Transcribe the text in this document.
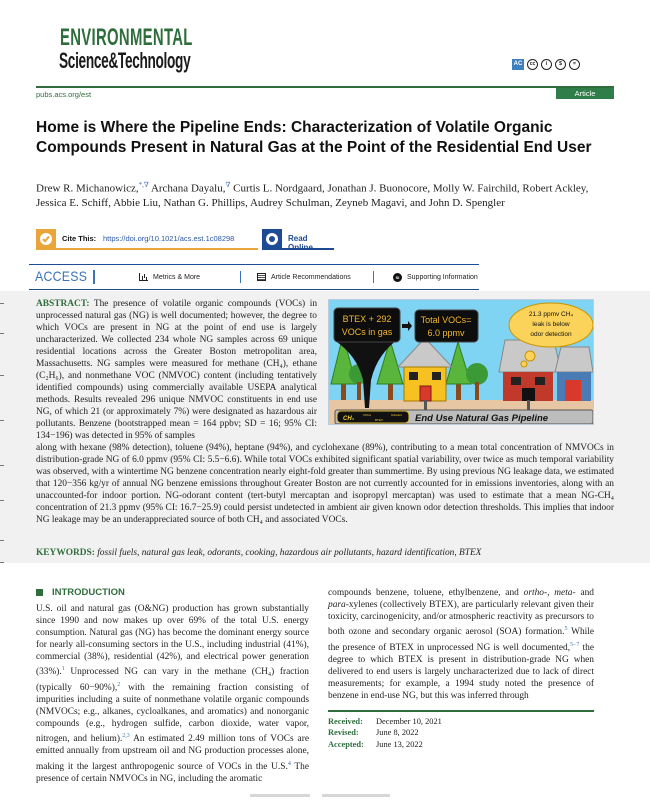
ENVIRONMENTAL
Science&Technology	AC	cc	i	$	=
pubs.acs.org/est	Article
Home is Where the Pipeline Ends: Characterization of Volatile Organic Compounds Present in Natural Gas at the Point of the Residential End User
Drew R. Michanowicz,*,∇ Archana Dayalu,∇ Curtis L. Nordgaard, Jonathan J. Buonocore, Molly W. Fairchild, Robert Ackley, Jessica E. Schiff, Abbie Liu, Nathan G. Phillips, Audrey Schulman, Zeyneb Magavi, and John D. Spengler
Cite This: https://doi.org/10.1021/acs.est.1c08298	Read Online
ACCESS	Metrics & More	Article Recommendations	SI	Supporting Information

ABSTRACT: The presence of volatile organic compounds (VOCs) in unprocessed natural gas (NG) is well documented; however, the degree to which VOCs are present in NG at the point of end use is largely uncharacterized. We collected 234 whole NG samples across 69 unique residential locations across the Greater Boston metropolitan area, Massachusetts. NG samples were measured for methane (CH₄), ethane (C₂H₆), and nonmethane VOC (NMVOC) content (including tentatively identified compounds) using commercially available USEPA analytical methods. Results revealed 296 unique NMVOC constituents in end use NG, of which 21 (or approximately 7%) were designated as hazardous air pollutants. Benzene (bootstrapped mean = 164 ppbv; SD = 16; 95% CI: 134−196) was detected in 95% of samples

along with hexane (98% detection), toluene (94%), heptane (94%), and cyclohexane (89%), contributing to a mean total concentration of NMVOCs in distribution-grade NG of 6.0 ppmv (95% CI: 5.5−6.6). While total VOCs exhibited significant spatial variability, over twice as much temporal variability was observed, with a wintertime NG benzene concentration nearly eight-fold greater than summertime. By using previous NG leakage data, we estimated that 120−356 kg/yr of annual NG benzene emissions throughout Greater Boston are not currently accounted for in emissions inventories, along with an unaccounted-for indoor portion. NG-odorant content (tert-butyl mercaptan and isopropyl mercaptan) was used to estimate that a mean NG-CH₄ concentration of 21.3 ppmv (95% CI: 16.7−25.9) could persist undetected in ambient air given known odor detection thresholds. This implies that indoor NG leakage may be an underappreciated source of both CH₄ and associated VOCs.

KEYWORDS: fossil fuels, natural gas leak, odorants, cooking, hazardous air pollutants, hazard identification, BTEX

BTEX + 292
VOCs in gas
Total VOCs=
6.0 ppmv
21.3 ppmv CH₄
leak is below
odor detection
CH₄
VOCs
BTEX
Odorant End Use Natural Gas Pipeline
INTRODUCTION

U.S. oil and natural gas (O&NG) production has grown substantially since 1990 and now makes up over 69% of the total U.S. energy consumption. Natural gas (NG) has become the dominant energy source for nearly all-consuming sectors in the U.S., including industrial (41%), commercial (38%), residential (42%), and electrical power generation (33%).$^1$ Unprocessed NG can vary in the methane (CH₄) fraction (typically 60−90%),$^2$ with the remaining fraction consisting of impurities including a suite of nonmethane volatile organic compounds (NMVOCs; e.g., alkanes, cycloalkanes, and aromatics) and nonorganic compounds (e.g., hydrogen sulfide, carbon dioxide, water vapor, nitrogen, and helium).$^{2,3}$ An estimated 2.49 million tons of VOCs are emitted annually from upstream oil and NG production processes alone, making it the largest anthropogenic source of VOCs in the U.S.$^4$ The presence of certain NMVOCs in NG, including the aromatic

compounds benzene, toluene, ethylbenzene, and ortho-, meta- and para-xylenes (collectively BTEX), are particularly relevant given their toxicity, carcinogenicity, and/or atmospheric reactivity as precursors to both ozone and secondary organic aerosol (SOA) formation.$^5$ While the presence of BTEX in unprocessed NG is well documented,$^{5-7}$ the degree to which BTEX is present in distribution-grade NG when delivered to end users is largely uncharacterized due to lack of direct measurements; for example, a 1994 study noted the presence of benzene in end-use NG, but this was inferred through

Received:	December 10, 2021
Revised:	June 8, 2022
Accepted:	June 13, 2022
